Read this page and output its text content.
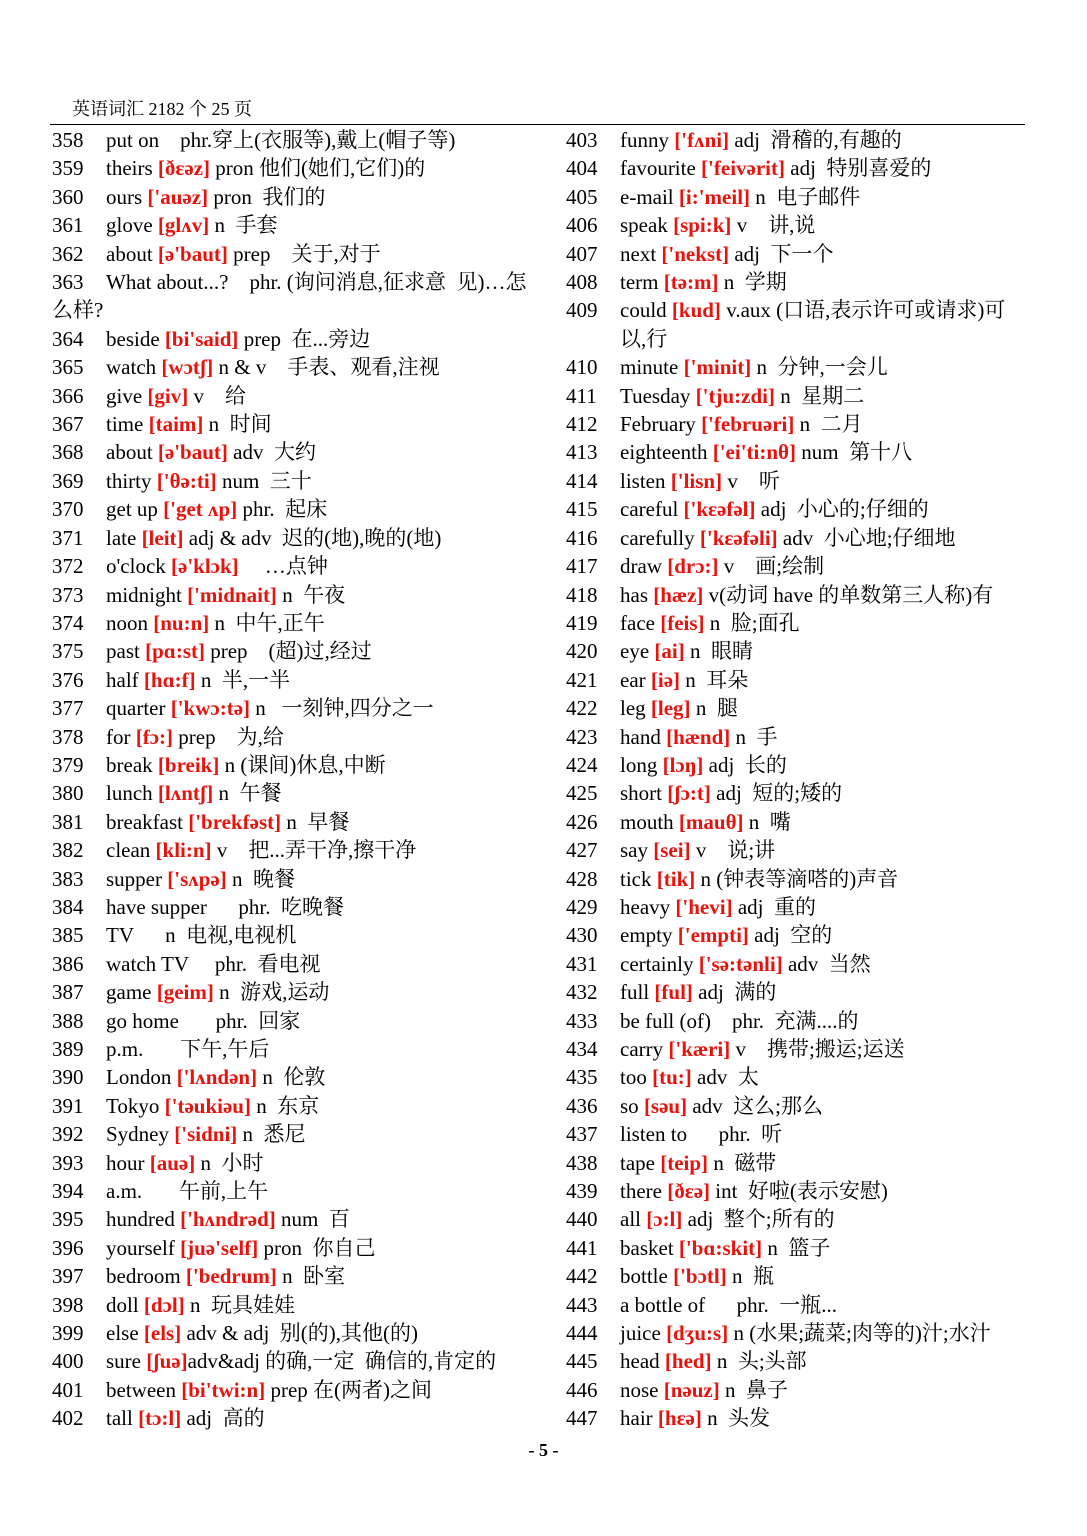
英语词汇 2182 个 25 页
358	put on    phr.穿上(衣服等),戴上(帽子等)
359	theirs [ðɛəz] pron 他们(她们,它们)的
360	ours ['auəz] pron  我们的
361	glove [glʌv] n  手套
362	about [ə'baut] prep    关于,对于
363 What about...?    phr. (询问消息,征求意  见)…怎么样?
364	beside [bi'said] prep  在...旁边
365	watch [wɔtʃ] n & v    手表、观看,注视
366	give [giv] v    给
367	time [taim] n  时间
368	about [ə'baut] adv  大约
369	thirty ['θə:ti] num  三十
370	get up ['get ʌp] phr.  起床
371	late [leit] adj & adv  迟的(地),晚的(地)
372	o'clock [ə'klɔk]     …点钟
373	midnight ['midnait] n  午夜
374	noon [nu:n] n  中午,正午
375	past [pɑ:st] prep    (超)过,经过
376	half [hɑ:f] n  半,一半
377	quarter ['kwɔ:tə] n   一刻钟,四分之一
378	for [fɔ:] prep    为,给
379	break [breik] n (课间)休息,中断
380	lunch [lʌntʃ] n  午餐
381	breakfast ['brekfəst] n  早餐
382	clean [kli:n] v    把...弄干净,擦干净
383	supper ['sʌpə] n  晚餐
384	have supper      phr.  吃晚餐
385	TV      n  电视,电视机
386	watch TV     phr.  看电视
387	game [geim] n  游戏,运动
388	go home       phr.  回家
389	p.m.       下午,午后
390	London ['lʌndən] n  伦敦
391	Tokyo ['təukiəu] n  东京
392	Sydney ['sidni] n  悉尼
393	hour [auə] n  小时
394	a.m.       午前,上午
395	hundred ['hʌndrəd] num  百
396	yourself [juə'self] pron  你自己
397	bedroom ['bedrum] n  卧室
398	doll [dɔl] n  玩具娃娃
399	else [els] adv & adj  别(的),其他(的)
400	sure [ʃuə]adv&adj 的确,一定  确信的,肯定的
401	between [bi'twi:n] prep 在(两者)之间
402	tall [tɔ:l] adj  高的
403	funny ['fʌni] adj  滑稽的,有趣的
404	favourite ['feivərit] adj  特别喜爱的
405	e-mail [i:'meil] n  电子邮件
406	speak [spi:k] v    讲,说
407	next ['nekst] adj  下一个
408	term [tə:m] n  学期
409	could [kud] v.aux (口语,表示许可或请求)可以,行
410	minute ['minit] n  分钟,一会儿
411	Tuesday ['tju:zdi] n  星期二
412	February ['februəri] n  二月
413	eighteenth ['ei'ti:nθ] num  第十八
414	listen ['lisn] v    听
415	careful ['kɛəfəl] adj  小心的;仔细的
416	carefully ['kɛəfəli] adv  小心地;仔细地
417	draw [drɔ:] v    画;绘制
418	has [hæz] v(动词 have 的单数第三人称)有
419	face [feis] n  脸;面孔
420	eye [ai] n  眼睛
421	ear [iə] n  耳朵
422	leg [leg] n  腿
423	hand [hænd] n  手
424	long [lɔŋ] adj  长的
425	short [ʃɔ:t] adj  短的;矮的
426	mouth [mauθ] n  嘴
427	say [sei] v    说;讲
428	tick [tik] n (钟表等滴嗒的)声音
429	heavy ['hevi] adj  重的
430	empty ['empti] adj  空的
431	certainly ['sə:tənli] adv  当然
432	full [ful] adj  满的
433	be full (of)    phr.  充满....的
434	carry ['kæri] v    携带;搬运;运送
435	too [tu:] adv  太
436	so [səu] adv  这么;那么
437	listen to      phr.  听
438	tape [teip] n  磁带
439	there [ðɛə] int  好啦(表示安慰)
440	all [ɔ:l] adj  整个;所有的
441	basket ['bɑ:skit] n  篮子
442	bottle ['bɔtl] n  瓶
443	a bottle of      phr.  一瓶...
444	juice [dʒu:s] n (水果;蔬菜;肉等的)汁;水汁
445	head [hed] n  头;头部
446	nose [nəuz] n  鼻子
447	hair [hɛə] n  头发
- 5 -
